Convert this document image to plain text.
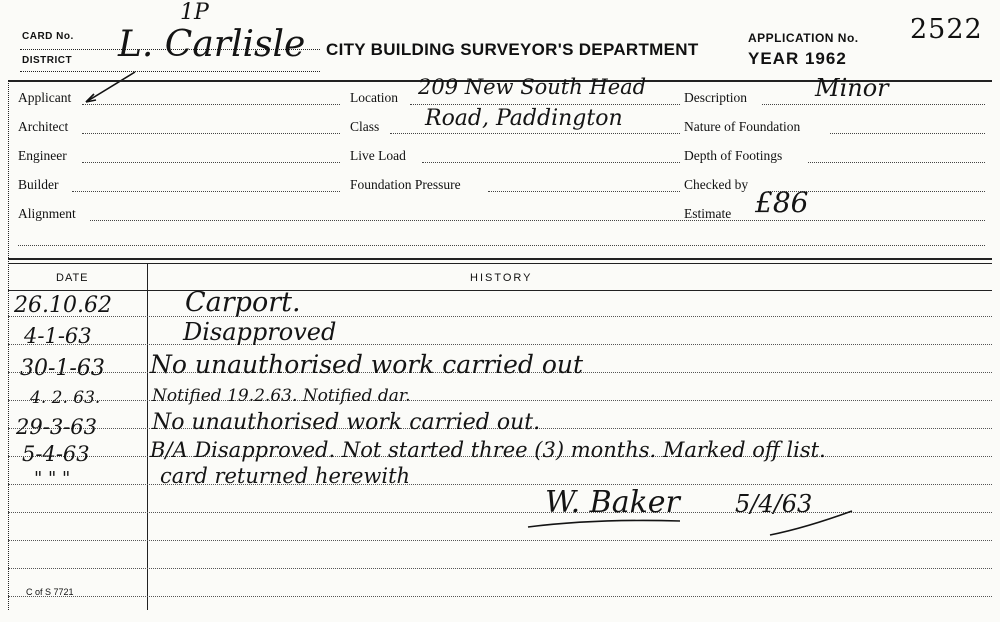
CARD No.
DISTRICT
1P
L. Carlisle CITY BUILDING SURVEYOR'S DEPARTMENT
APPLICATION No. 2522
YEAR 1962
Applicant
Architect
Engineer
Builder
Alignment
Location 209 New South Head
Class Road, Paddington
Live Load
Foundation Pressure
Description	Minor
Nature of Foundation
Depth of Footings
Checked by
Estimate £86
DATE	HISTORY
26.10.62	Carport.
4-1-63	Disapproved
30-1-63 No unauthorised work carried out
4. 2. 63.	Notified 19.2.63. Notified dar.
29-3-63	No unauthorised work carried out.
5-4-63	B/A Disapproved. Not started three (3) months. Marked off list.
" " "	card returned herewith
W. Baker 5/4/63
C of S 7721
